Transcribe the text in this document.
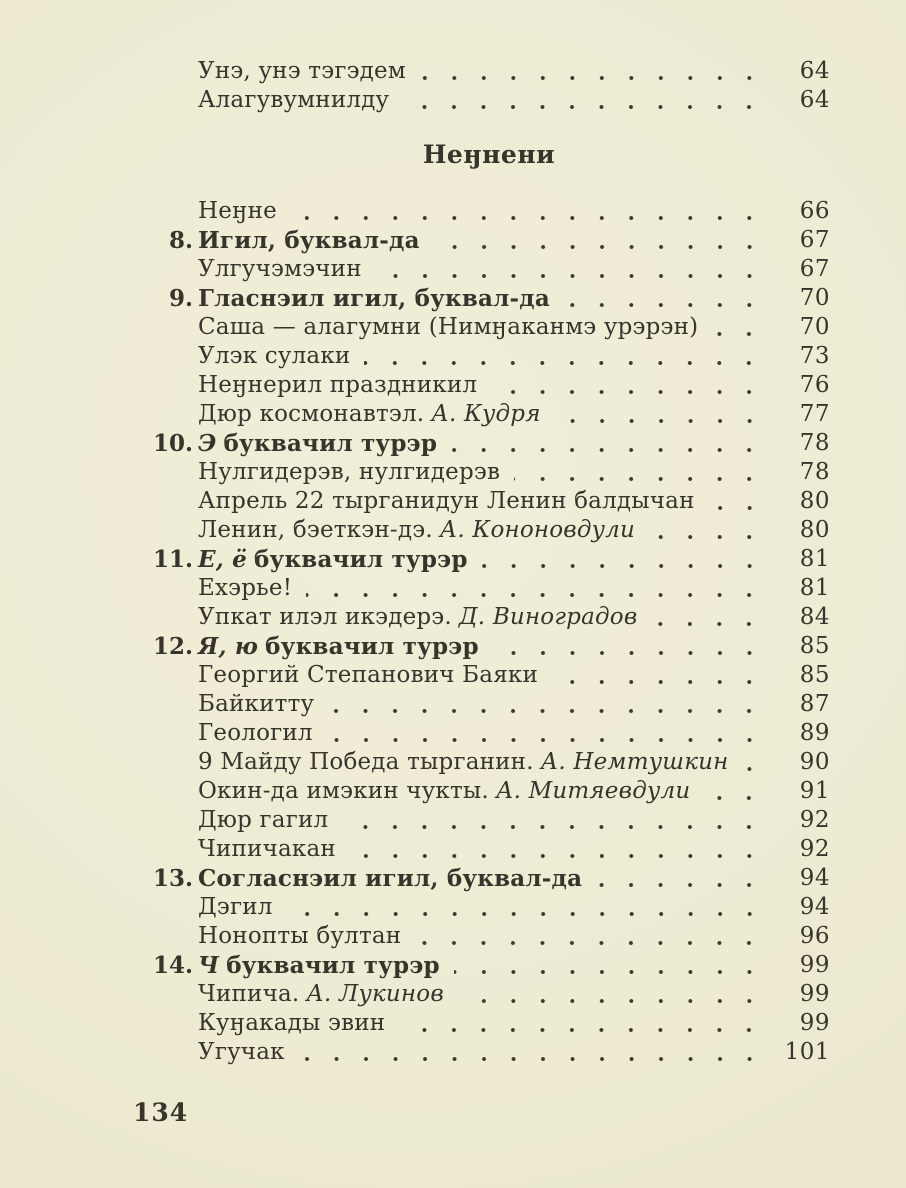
Унэ, унэ тэгэдем	64
Алагувумнилду	64
Неӈнени
Неӈне	66
8. Игил, буквал-да	67
Улгучэмэчин	67
9. Гласнэил игил, буквал-да	70
Саша — алагумни (Нимӈаканмэ урэрэн)	70
Улэк сулаки	73
Неӈнерил праздникил	76
Дюр космонавтэл. А. Кудря	77
10. Э буквачил турэр	78
Нулгидерэв, нулгидерэв	78
Апрель 22 тырганидун Ленин балдычан	80
Ленин, бэеткэн-дэ. А. Кононовдули	80
11. Е, ё буквачил турэр	81
Ехэрье!	81
Упкат илэл икэдерэ. Д. Виноградов	84
12. Я, ю буквачил турэр	85
Георгий Степанович Баяки	85
Байкитту	87
Геологил	89
9 Майду Победа тырганин. А. Немтушкин	90
Окин-да имэкин чукты. А. Митяевдули	91
Дюр гагил	92
Чипичакан	92
13. Согласнэил игил, буквал-да	94
Дэгил	94
Нонопты бултан	96
14. Ч буквачил турэр	99
Чипича. А. Лукинов	99
Куӈакады эвин	99
Угучак	101
134
